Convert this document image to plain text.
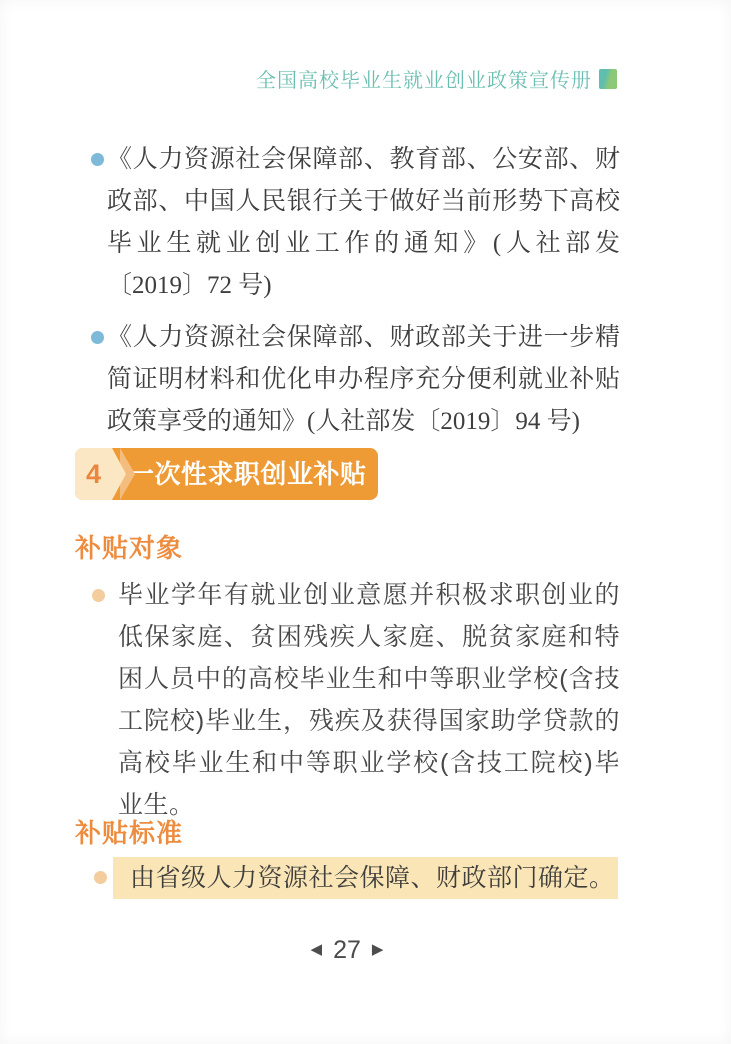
全国高校毕业生就业创业政策宣传册
《人力资源社会保障部、教育部、公安部、财政部、中国人民银行关于做好当前形势下高校毕业生就业创业工作的通知》(人社部发〔2019〕72 号)
《人力资源社会保障部、财政部关于进一步精简证明材料和优化申办程序充分便利就业补贴政策享受的通知》(人社部发〔2019〕94 号)
4 一次性求职创业补贴
补贴对象
毕业学年有就业创业意愿并积极求职创业的低保家庭、贫困残疾人家庭、脱贫家庭和特困人员中的高校毕业生和中等职业学校(含技工院校)毕业生，残疾及获得国家助学贷款的高校毕业生和中等职业学校(含技工院校)毕业生。
补贴标准
由省级人力资源社会保障、财政部门确定。
◀ 27 ▶
